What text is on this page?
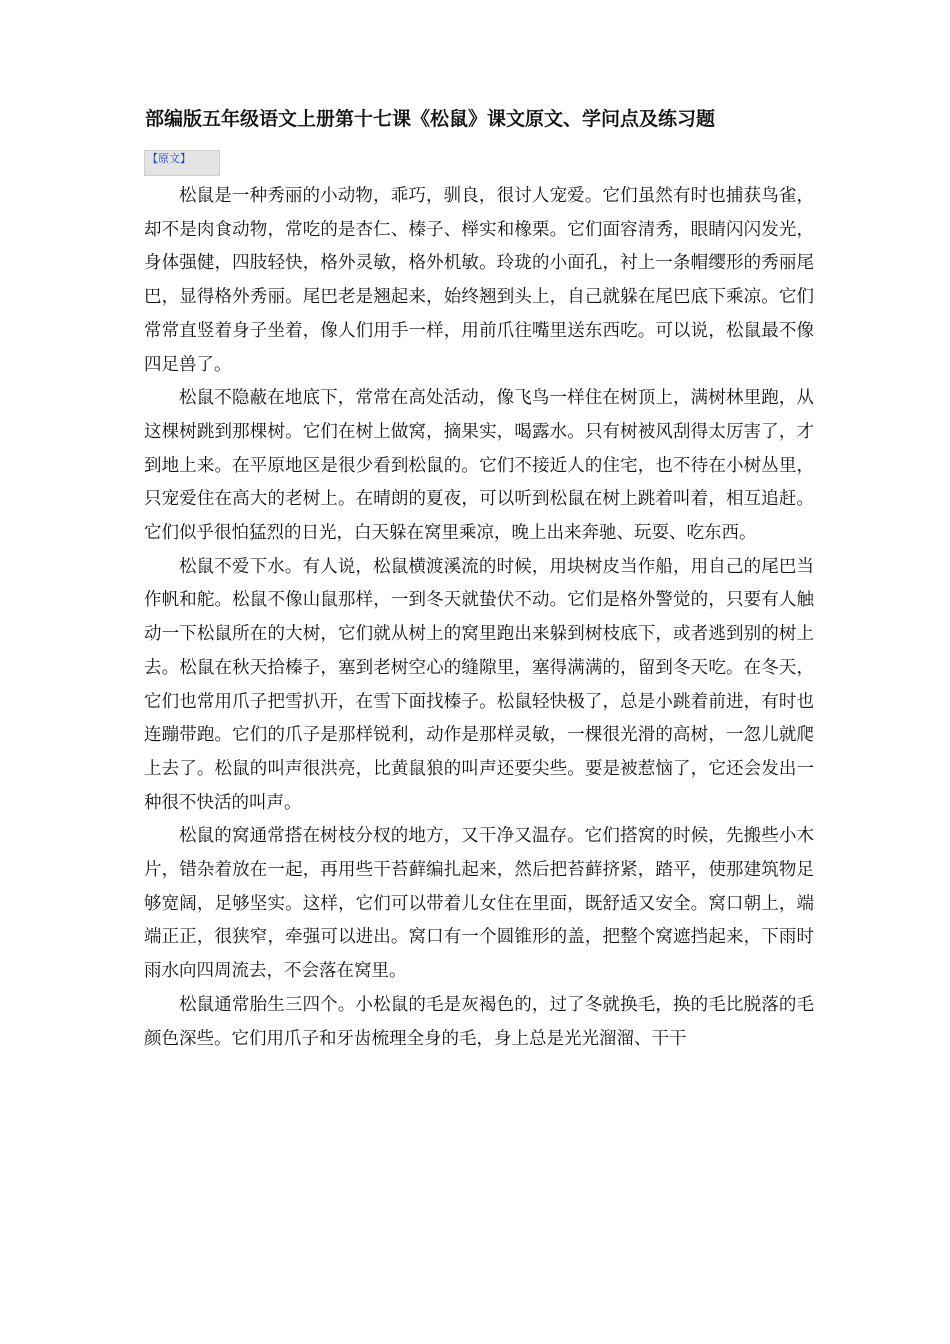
部编版五年级语文上册第十七课《松鼠》课文原文、学问点及练习题
【原文】

松鼠是一种秀丽的小动物，乖巧，驯良，很讨人宠爱。它们虽然有时也捕获鸟雀，却不是肉食动物，常吃的是杏仁、榛子、榉实和橡栗。它们面容清秀，眼睛闪闪发光，身体强健，四肢轻快，格外灵敏，格外机敏。玲珑的小面孔，衬上一条帽缨形的秀丽尾巴，显得格外秀丽。尾巴老是翘起来，始终翘到头上，自己就躲在尾巴底下乘凉。它们常常直竖着身子坐着，像人们用手一样，用前爪往嘴里送东西吃。可以说，松鼠最不像四足兽了。

松鼠不隐蔽在地底下，常常在高处活动，像飞鸟一样住在树顶上，满树林里跑，从这棵树跳到那棵树。它们在树上做窝，摘果实，喝露水。只有树被风刮得太厉害了，才到地上来。在平原地区是很少看到松鼠的。它们不接近人的住宅，也不待在小树丛里，只宠爱住在高大的老树上。在晴朗的夏夜，可以听到松鼠在树上跳着叫着，相互追赶。它们似乎很怕猛烈的日光，白天躲在窝里乘凉，晚上出来奔驰、玩耍、吃东西。

松鼠不爱下水。有人说，松鼠横渡溪流的时候，用块树皮当作船，用自己的尾巴当作帆和舵。松鼠不像山鼠那样，一到冬天就蛰伏不动。它们是格外警觉的，只要有人触动一下松鼠所在的大树，它们就从树上的窝里跑出来躲到树枝底下，或者逃到别的树上去。松鼠在秋天拾榛子，塞到老树空心的缝隙里，塞得满满的，留到冬天吃。在冬天，它们也常用爪子把雪扒开，在雪下面找榛子。松鼠轻快极了，总是小跳着前进，有时也连蹦带跑。它们的爪子是那样锐利，动作是那样灵敏，一棵很光滑的高树，一忽儿就爬上去了。松鼠的叫声很洪亮，比黄鼠狼的叫声还要尖些。要是被惹恼了，它还会发出一种很不快活的叫声。

松鼠的窝通常搭在树枝分杈的地方，又干净又温存。它们搭窝的时候，先搬些小木片，错杂着放在一起，再用些干苔藓编扎起来，然后把苔藓挤紧，踏平，使那建筑物足够宽阔，足够坚实。这样，它们可以带着儿女住在里面，既舒适又安全。窝口朝上，端端正正，很狭窄，牵强可以进出。窝口有一个圆锥形的盖，把整个窝遮挡起来，下雨时雨水向四周流去，不会落在窝里。

松鼠通常胎生三四个。小松鼠的毛是灰褐色的，过了冬就换毛，换的毛比脱落的毛颜色深些。它们用爪子和牙齿梳理全身的毛，身上总是光光溜溜、干干
